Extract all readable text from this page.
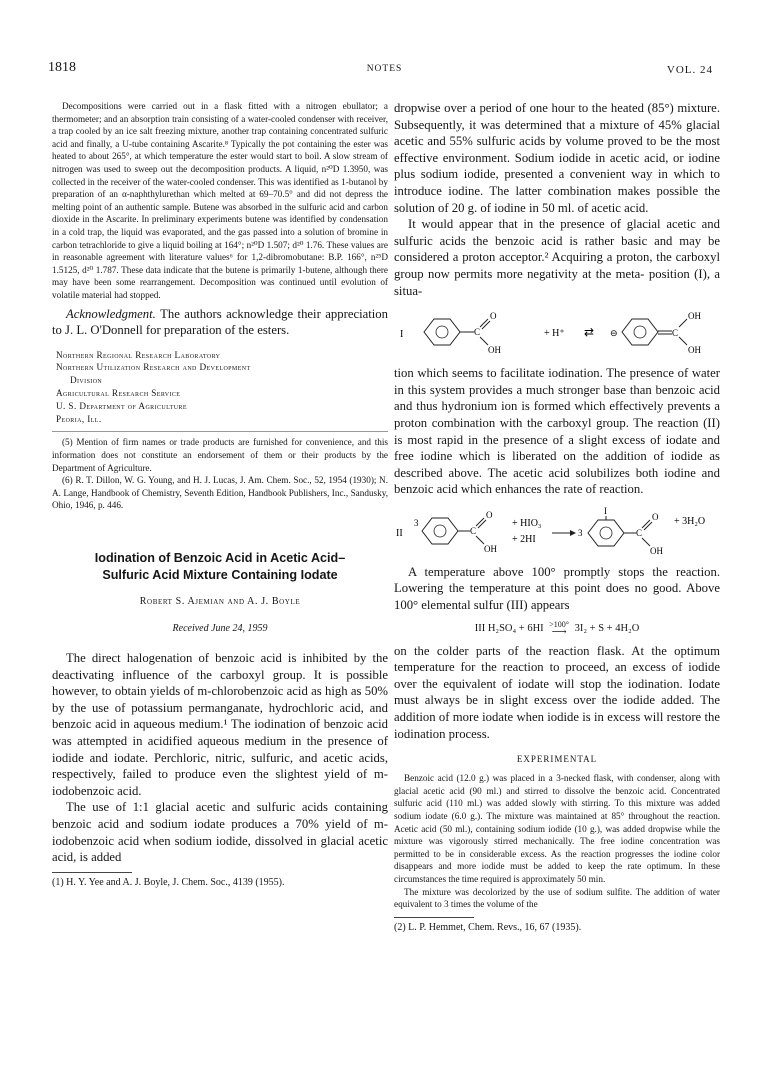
1818	NOTES	VOL. 24

Decompositions were carried out in a flask fitted with a nitrogen ebullator; a thermometer; and an absorption train consisting of a water-cooled condenser with receiver, a trap cooled by an ice salt freezing mixture, another trap containing concentrated sulfuric acid and finally, a U-tube containing Ascarite.⁸ Typically the pot containing the ester was heated to about 265°, at which temperature the ester would start to boil. A slow stream of nitrogen was used to sweep out the decomposition products. A liquid, n²⁰D 1.3950, was collected in the receiver of the water-cooled condenser. This was identified as 1-butanol by preparation of an α-naphthylurethan which melted at 69–70.5° and did not depress the melting point of an authentic sample. Butene was absorbed in the sulfuric acid and carbon dioxide in the Ascarite. In preliminary experiments butene was identified by condensation in a cold trap, the liquid was evaporated, and the gas passed into a solution of bromine in carbon tetrachloride to give a liquid boiling at 164°; n²⁰D 1.507; d²⁰ 1.76. These values are in reasonable agreement with literature values⁶ for 1,2-dibromobutane: B.P. 166°, n²⁵D 1.5125, d²⁰ 1.787. These data indicate that the butene is primarily 1-butene, although there may have been some rearrangement. Decomposition was continued until evolution of volatile material had stopped.

Acknowledgment. The authors acknowledge their appreciation to J. L. O'Donnell for preparation of the esters.

Northern Regional Research Laboratory
Northern Utilization Research and Development
Division
Agricultural Research Service
U. S. Department of Agriculture
Peoria, Ill.

(5) Mention of firm names or trade products are furnished for convenience, and this information does not constitute an endorsement of them or their products by the Department of Agriculture.

(6) R. T. Dillon, W. G. Young, and H. J. Lucas, J. Am. Chem. Soc., 52, 1954 (1930); N. A. Lange, Handbook of Chemistry, Seventh Edition, Handbook Publishers, Inc., Sandusky, Ohio, 1946, p. 446.

Iodination of Benzoic Acid in Acetic Acid–
Sulfuric Acid Mixture Containing Iodate
Robert S. Ajemian and A. J. Boyle
Received June 24, 1959

The direct halogenation of benzoic acid is inhibited by the deactivating influence of the carboxyl group. It is possible however, to obtain yields of m-chlorobenzoic acid as high as 50% by the use of potassium permanganate, hydrochloric acid, and benzoic acid in aqueous medium.¹ The iodination of benzoic acid was attempted in acidified aqueous medium in the presence of iodide and iodate. Perchloric, nitric, sulfuric, and acetic acids, respectively, failed to produce even the slightest yield of m-iodobenzoic acid.

The use of 1:1 glacial acetic and sulfuric acids containing benzoic acid and sodium iodate produces a 70% yield of m-iodobenzoic acid when sodium iodide, dissolved in glacial acetic acid, is added

(1) H. Y. Yee and A. J. Boyle, J. Chem. Soc., 4139 (1955).

dropwise over a period of one hour to the heated (85°) mixture. Subsequently, it was determined that a mixture of 45% glacial acetic and 55% sulfuric acids by volume proved to be the most effective environment. Sodium iodide in acetic acid, or iodine plus sodium iodide, presented a convenient way in which to introduce iodine. The latter combination makes possible the solution of 20 g. of iodine in 50 ml. of acetic acid.

It would appear that in the presence of glacial acetic and sulfuric acids the benzoic acid is rather basic and may be considered a proton acceptor.² Acquiring a proton, the carboxyl group now permits more negativity at the meta- position (I), a situa-

I	C
O
OH
+ H⁺ ⇄ ⊖	C
OH
OH

tion which seems to facilitate iodination. The presence of water in this system provides a much stronger base than benzoic acid and thus hydronium ion is formed which effectively prevents a proton combination with the carboxyl group. The reaction (II) is most rapid in the presence of a slight excess of iodate and free iodine which is liberated on the addition of iodide as described above. The acetic acid solubilizes both iodine and benzoic acid which enhances the rate of reaction.

II
3
C
O
OH
+ HIO₃
+ 2HI
3
I
C
O
OH
+ 3H₂O

A temperature above 100° promptly stops the reaction. Lowering the temperature at this point does no good. Above 100° elemental sulfur (III) appears

III H₂SO₄ + 6HI >100°
⟶ 3I₂ + S + 4H₂O

on the colder parts of the reaction flask. At the optimum temperature for the reaction to proceed, an excess of iodide over the equivalent of iodate will stop the iodination. Iodate must always be in slight excess over the iodide added. The addition of more iodate when iodide is in excess will restore the iodination process.

EXPERIMENTAL

Benzoic acid (12.0 g.) was placed in a 3-necked flask, with condenser, along with glacial acetic acid (90 ml.) and stirred to dissolve the benzoic acid. Concentrated sulfuric acid (110 ml.) was added slowly with stirring. To this mixture was added sodium iodate (6.0 g.). The mixture was maintained at 85° throughout the reaction. Acetic acid (50 ml.), containing sodium iodide (10 g.), was added dropwise while the mixture was vigorously stirred mechanically. The free iodine concentration was permitted to be in considerable excess. As the reaction progresses the iodine color disappears and more iodide must be added to keep the rate optimum. In these circumstances the time required is approximately 50 min.

The mixture was decolorized by the use of sodium sulfite. The addition of water equivalent to 3 times the volume of the

(2) L. P. Hemmet, Chem. Revs., 16, 67 (1935).
